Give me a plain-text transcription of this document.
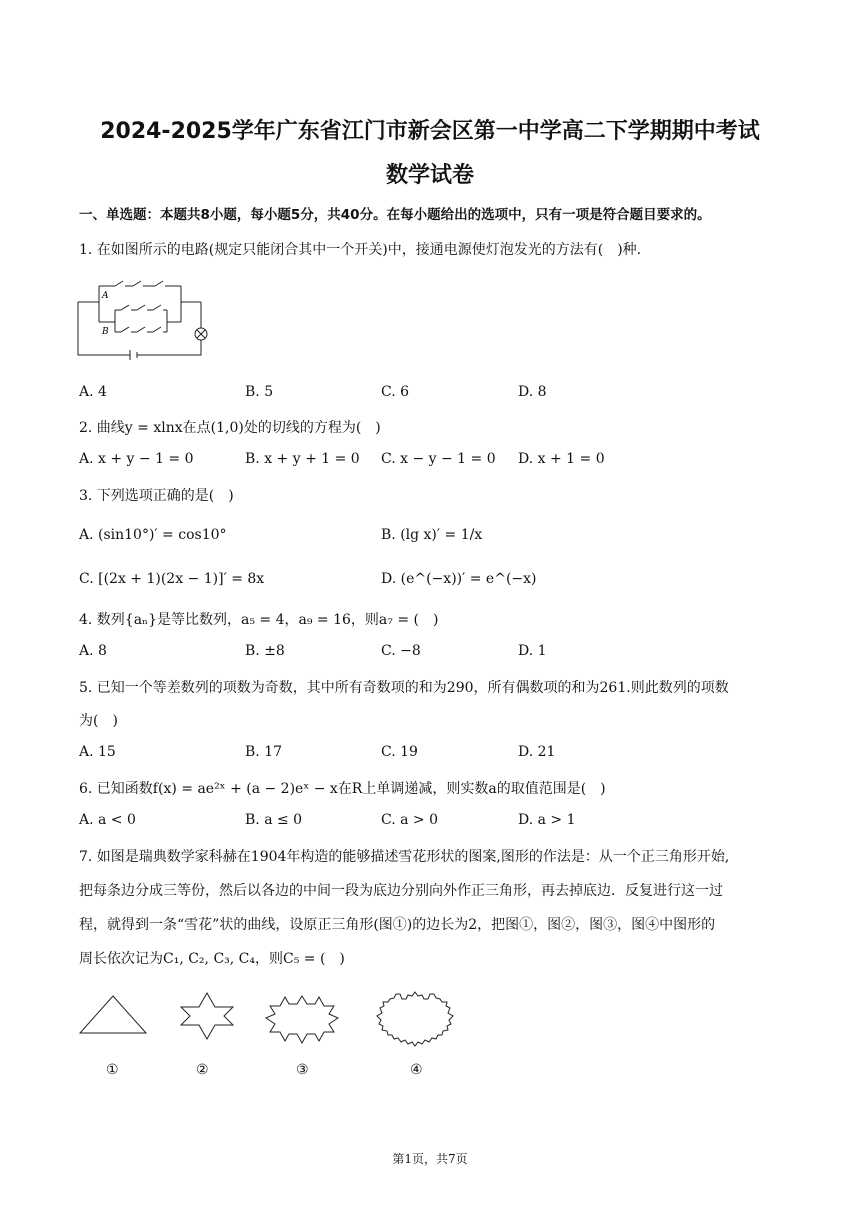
2024-2025学年广东省江门市新会区第一中学高二下学期期中考试
数学试卷
一、单选题：本题共8小题，每小题5分，共40分。在每小题给出的选项中，只有一项是符合题目要求的。
1. 在如图所示的电路(规定只能闭合其中一个开关)中，接通电源使灯泡发光的方法有(　)种.
A
B
A. 4	B. 5	C. 6	D. 8
2. 曲线y = xlnx在点(1,0)处的切线的方程为(　)
A. x + y − 1 = 0	B. x + y + 1 = 0 C. x − y − 1 = 0 D. x + 1 = 0
3. 下列选项正确的是(　)
A. (sin10°)′ = cos10°	B. (lg x)′ = 1/x
C. [(2x + 1)(2x − 1)]′ = 8x	D. (e^(−x))′ = e^(−x)
4. 数列{aₙ}是等比数列，a₅ = 4，a₉ = 16，则a₇ = (　)
A. 8	B. ±8	C. −8	D. 1
5. 已知一个等差数列的项数为奇数，其中所有奇数项的和为290，所有偶数项的和为261.则此数列的项数
为(　)
A. 15	B. 17	C. 19	D. 21
6. 已知函数f(x) = ae²ˣ + (a − 2)eˣ − x在R上单调递减，则实数a的取值范围是(　)
A. a < 0	B. a ≤ 0	C. a > 0	D. a > 1
7. 如图是瑞典数学家科赫在1904年构造的能够描述雪花形状的图案,图形的作法是：从一个正三角形开始,
把每条边分成三等份，然后以各边的中间一段为底边分别向外作正三角形，再去掉底边．反复进行这一过
程，就得到一条“雪花”状的曲线，设原正三角形(图①)的边长为2，把图①，图②，图③，图④中图形的
周长依次记为C₁, C₂, C₃, C₄，则C₅ = (　)
①	②	③	④
第1页，共7页
